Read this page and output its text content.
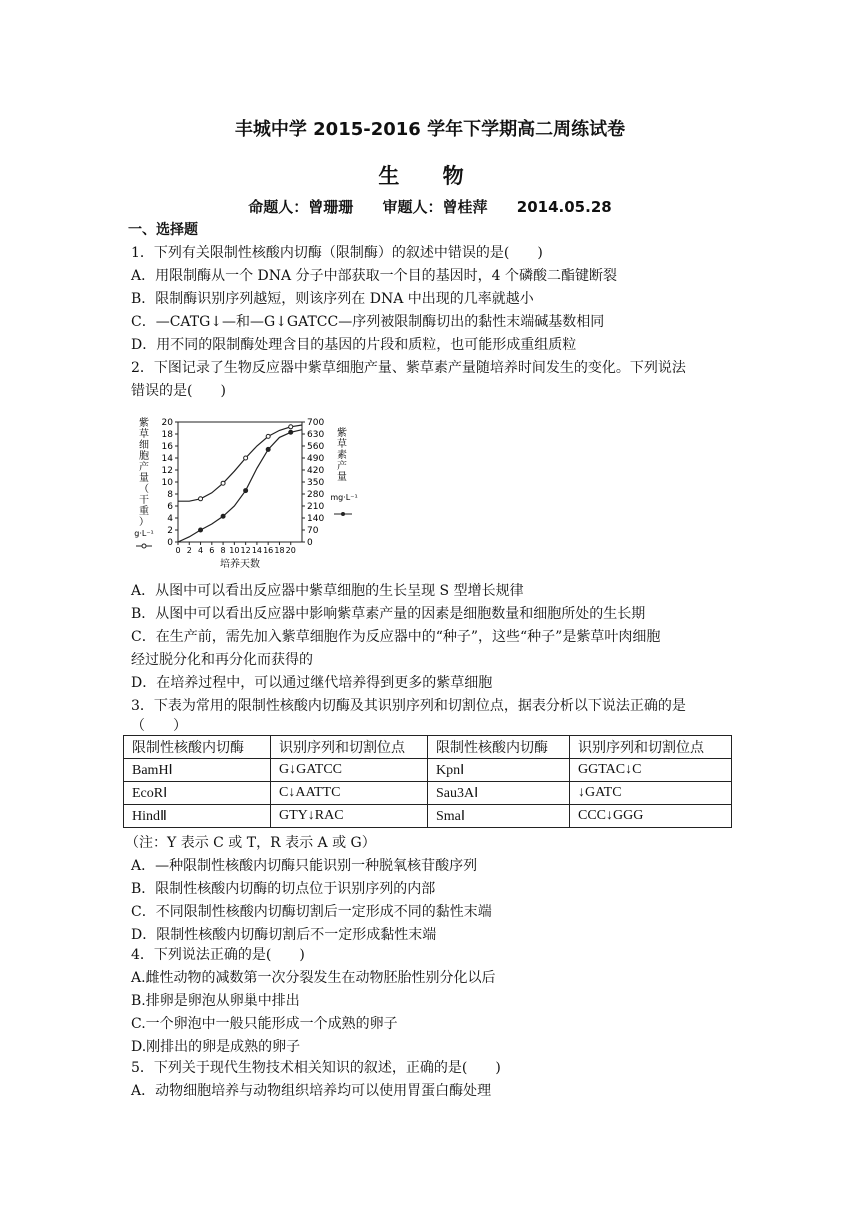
丰城中学 2015-2016 学年下学期高二周练试卷
生 物
命题人：曾珊珊 审题人：曾桂萍 2014.05.28
一、选择题
1．下列有关限制性核酸内切酶（限制酶）的叙述中错误的是(　　)
A．用限制酶从一个 DNA 分子中部获取一个目的基因时，4 个磷酸二酯键断裂
B．限制酶识别序列越短，则该序列在 DNA 中出现的几率就越小
C．—CATG↓—和—G↓GATCC—序列被限制酶切出的黏性末端碱基数相同
D．用不同的限制酶处理含目的基因的片段和质粒，也可能形成重组质粒
2．下图记录了生物反应器中紫草细胞产量、紫草素产量随培养时间发生的变化。下列说法
错误的是(　　)
0
2
4
6
8
10
12
14
16
18
20
0
70
140
210
280
350
420
490
560
630
700
0 2 4 6 8 10 12 14 16 18 20
培养天数
紫
草
细
胞
产
量
（
干
重
）
g·L⁻¹
紫
草
素
产
量
mg·L⁻¹
A．从图中可以看出反应器中紫草细胞的生长呈现 S 型增长规律
B．从图中可以看出反应器中影响紫草素产量的因素是细胞数量和细胞所处的生长期
C．在生产前，需先加入紫草细胞作为反应器中的“种子”，这些“种子”是紫草叶肉细胞
经过脱分化和再分化而获得的
D．在培养过程中，可以通过继代培养得到更多的紫草细胞
3．下表为常用的限制性核酸内切酶及其识别序列和切割位点，据表分析以下说法正确的是
（　　）
限制性核酸内切酶	识别序列和切割位点	限制性核酸内切酶	识别序列和切割位点
BamHⅠ	G↓GATCC	KpnⅠ	GGTAC↓C
EcoRⅠ	C↓AATTC	Sau3AⅠ	↓GATC
HindⅡ	GTY↓RAC	SmaⅠ	CCC↓GGG
（注：Y 表示 C 或 T，R 表示 A 或 G）
A．—种限制性核酸内切酶只能识别一种脱氧核苷酸序列
B．限制性核酸内切酶的切点位于识别序列的内部
C．不同限制性核酸内切酶切割后一定形成不同的黏性末端
D．限制性核酸内切酶切割后不一定形成黏性末端
4．下列说法正确的是(　　)
A.雌性动物的减数第一次分裂发生在动物胚胎性别分化以后
B.排卵是卵泡从卵巢中排出
C.一个卵泡中一般只能形成一个成熟的卵子
D.刚排出的卵是成熟的卵子
5．下列关于现代生物技术相关知识的叙述，正确的是(　　)
A．动物细胞培养与动物组织培养均可以使用胃蛋白酶处理
